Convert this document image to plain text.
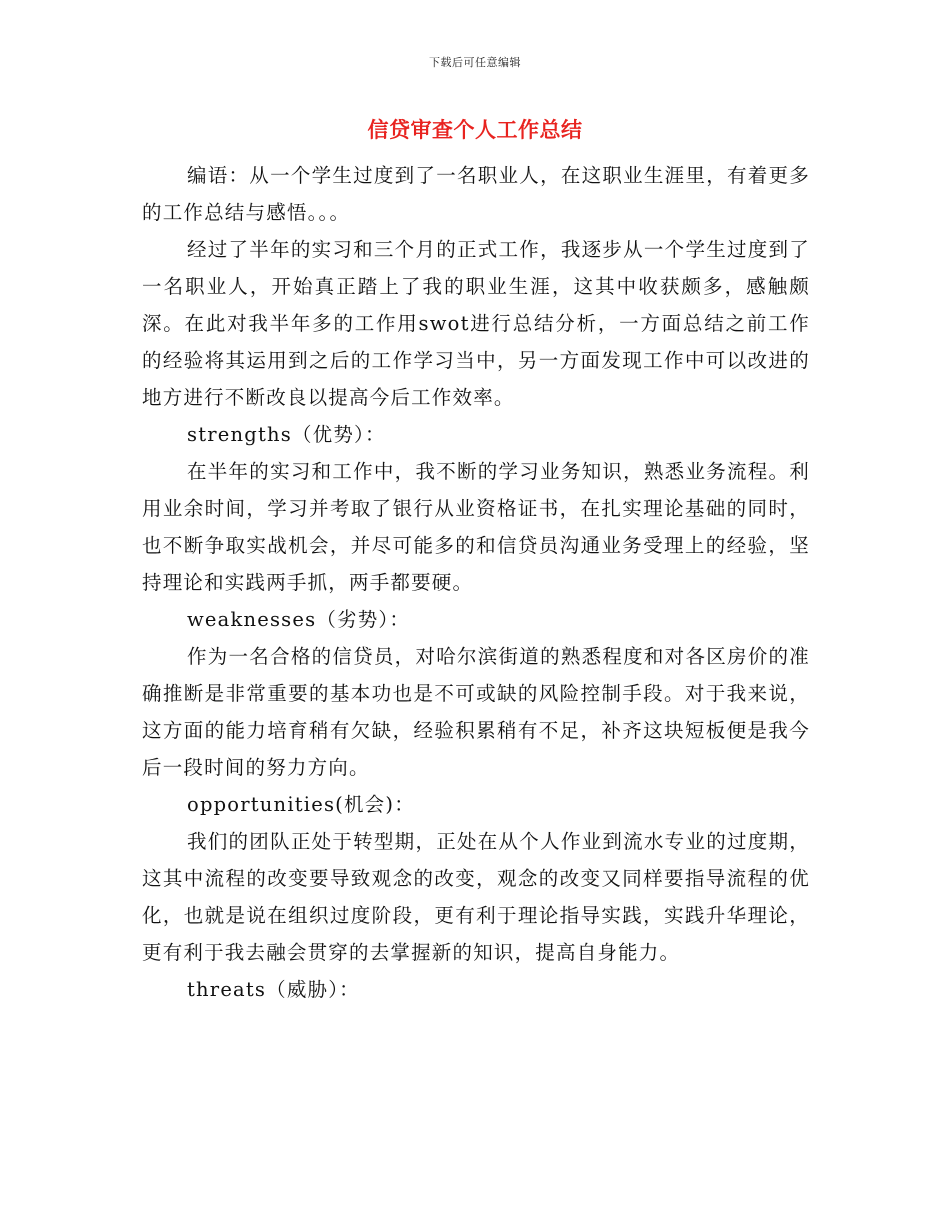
下载后可任意编辑
信贷审查个人工作总结

编语：从一个学生过度到了一名职业人，在这职业生涯里，有着更多的工作总结与感悟。。。

经过了半年的实习和三个月的正式工作，我逐步从一个学生过度到了一名职业人，开始真正踏上了我的职业生涯，这其中收获颇多，感触颇深。在此对我半年多的工作用swot进行总结分析，一方面总结之前工作的经验将其运用到之后的工作学习当中，另一方面发现工作中可以改进的地方进行不断改良以提高今后工作效率。

strengths（优势）：

在半年的实习和工作中，我不断的学习业务知识，熟悉业务流程。利用业余时间，学习并考取了银行从业资格证书，在扎实理论基础的同时，也不断争取实战机会，并尽可能多的和信贷员沟通业务受理上的经验，坚持理论和实践两手抓，两手都要硬。

weaknesses（劣势）：

作为一名合格的信贷员，对哈尔滨街道的熟悉程度和对各区房价的准确推断是非常重要的基本功也是不可或缺的风险控制手段。对于我来说，这方面的能力培育稍有欠缺，经验积累稍有不足，补齐这块短板便是我今后一段时间的努力方向。

opportunities(机会)：

我们的团队正处于转型期，正处在从个人作业到流水专业的过度期，这其中流程的改变要导致观念的改变，观念的改变又同样要指导流程的优化，也就是说在组织过度阶段，更有利于理论指导实践，实践升华理论，更有利于我去融会贯穿的去掌握新的知识，提高自身能力。

threats（威胁）：
